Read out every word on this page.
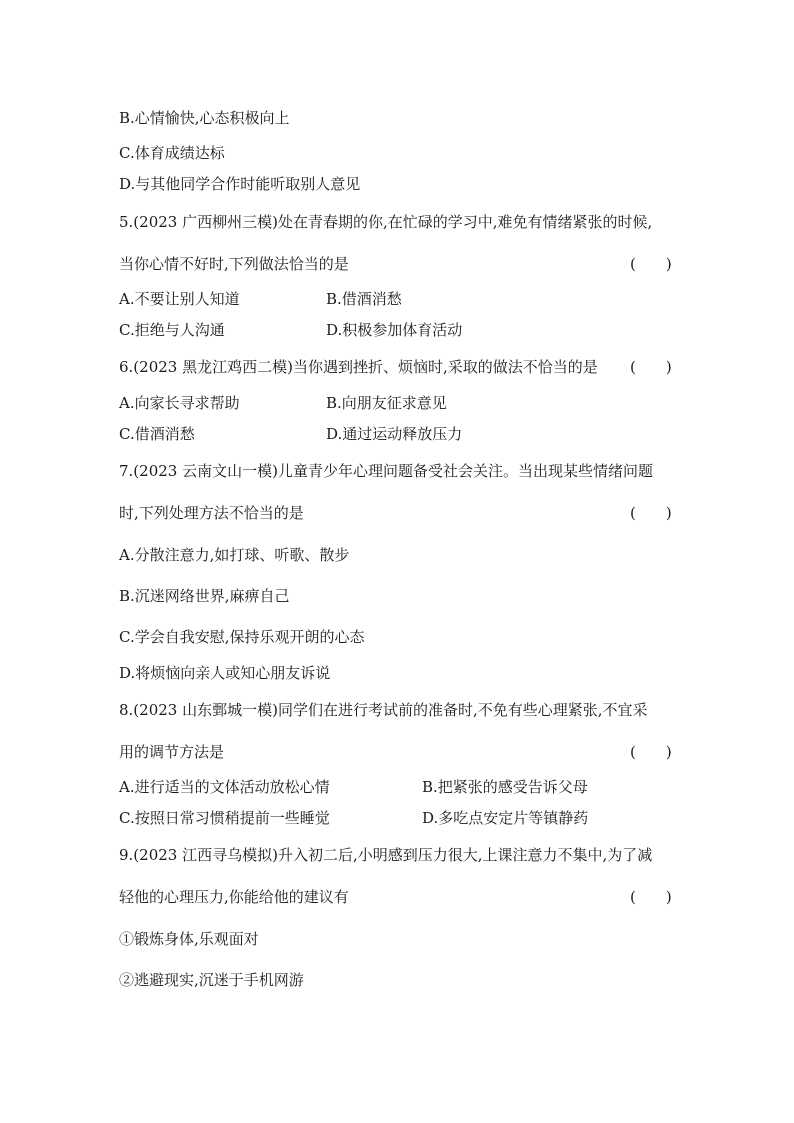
B.心情愉快,心态积极向上
C.体育成绩达标
D.与其他同学合作时能听取别人意见
5.(2023 广西柳州三模)处在青春期的你,在忙碌的学习中,难免有情绪紧张的时候,
当你心情不好时,下列做法恰当的是	(　　)
A.不要让别人知道	B.借酒消愁
C.拒绝与人沟通	D.积极参加体育活动
6.(2023 黑龙江鸡西二模)当你遇到挫折、烦恼时,采取的做法不恰当的是 (　　)
A.向家长寻求帮助	B.向朋友征求意见
C.借酒消愁	D.通过运动释放压力
7.(2023 云南文山一模)儿童青少年心理问题备受社会关注。当出现某些情绪问题
时,下列处理方法不恰当的是	(　　)
A.分散注意力,如打球、听歌、散步
B.沉迷网络世界,麻痹自己
C.学会自我安慰,保持乐观开朗的心态
D.将烦恼向亲人或知心朋友诉说
8.(2023 山东鄄城一模)同学们在进行考试前的准备时,不免有些心理紧张,不宜采
用的调节方法是	(　　)
A.进行适当的文体活动放松心情	B.把紧张的感受告诉父母
C.按照日常习惯稍提前一些睡觉	D.多吃点安定片等镇静药
9.(2023 江西寻乌模拟)升入初二后,小明感到压力很大,上课注意力不集中,为了减
轻他的心理压力,你能给他的建议有	(　　)
①锻炼身体,乐观面对
②逃避现实,沉迷于手机网游
